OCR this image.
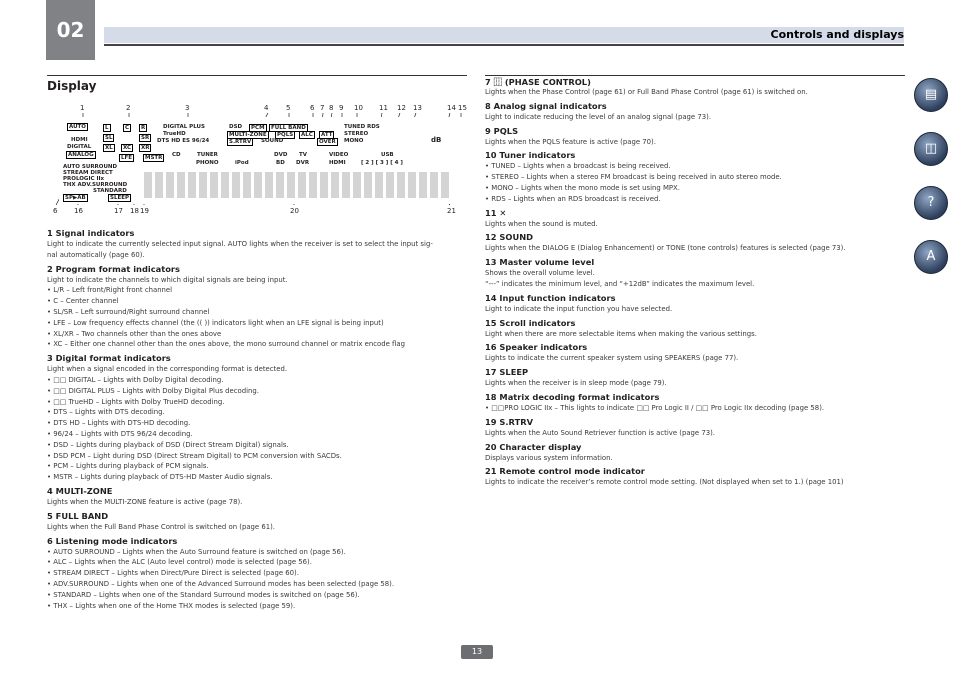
02	Controls and displays
Display
1	2	3	4	5	6 7 8 9 10 11 12 13	14 15
6 16	17 18 19	20	21
AUTO
HDMI
DIGITAL
ANALOG
L	C	R
SL	SR
XL	XC	XR
LFE	MSTR
DIGITAL PLUS
TrueHD
DTS HD ES 96/24
DSD	PCM
MULTI-ZONE
S.RTRV
FULL BAND
PQLS	ALC
SOUND
ATT
OVER
TUNED RDS
STEREO
MONO	dB
CD	TUNER
PHONO	iPod
DVD TV
BD DVR
VIDEO
HDMI
USB
[ 2 ] [ 3 ] [ 4 ]
AUTO SURROUND
STREAM DIRECT
PROLOGIC IIx
THX ADV.SURROUND
STANDARD
SP▶AB	SLEEP
1 Signal indicators
Light to indicate the currently selected input signal. AUTO lights when the receiver is set to select the input sig-
nal automatically (page 60).
2 Program format indicators
Light to indicate the channels to which digital signals are being input.
• L/R – Left front/Right front channel
• C – Center channel
• SL/SR – Left surround/Right surround channel
• LFE – Low frequency effects channel (the (( )) indicators light when an LFE signal is being input)
• XL/XR – Two channels other than the ones above
• XC – Either one channel other than the ones above, the mono surround channel or matrix encode flag
3 Digital format indicators
Light when a signal encoded in the corresponding format is detected.
• □□ DIGITAL – Lights with Dolby Digital decoding.
• □□ DIGITAL PLUS – Lights with Dolby Digital Plus decoding.
• □□ TrueHD – Lights with Dolby TrueHD decoding.
• DTS – Lights with DTS decoding.
• DTS HD – Lights with DTS-HD decoding.
• 96/24 – Lights with DTS 96/24 decoding.
• DSD – Lights during playback of DSD (Direct Stream Digital) signals.
• DSD PCM – Light during DSD (Direct Stream Digital) to PCM conversion with SACDs.
• PCM – Lights during playback of PCM signals.
• MSTR – Lights during playback of DTS-HD Master Audio signals.
4 MULTI-ZONE
Lights when the MULTI-ZONE feature is active (page 78).
5 FULL BAND
Lights when the Full Band Phase Control is switched on (page 61).
6 Listening mode indicators
• AUTO SURROUND – Lights when the Auto Surround feature is switched on (page 56).
• ALC – Lights when the ALC (Auto level control) mode is selected (page 56).
• STREAM DIRECT – Lights when Direct/Pure Direct is selected (page 60).
• ADV.SURROUND – Lights when one of the Advanced Surround modes has been selected (page 58).
• STANDARD – Lights when one of the Standard Surround modes is switched on (page 56).
• THX – Lights when one of the Home THX modes is selected (page 59).
7 ⿲ (PHASE CONTROL)
Lights when the Phase Control (page 61) or Full Band Phase Control (page 61) is switched on.
8 Analog signal indicators
Light to indicate reducing the level of an analog signal (page 73).
9 PQLS
Lights when the PQLS feature is active (page 70).
10 Tuner indicators
• TUNED – Lights when a broadcast is being received.
• STEREO – Lights when a stereo FM broadcast is being received in auto stereo mode.
• MONO – Lights when the mono mode is set using MPX.
• RDS – Lights when an RDS broadcast is received.
11 ✕
Lights when the sound is muted.
12 SOUND
Lights when the DIALOG E (Dialog Enhancement) or TONE (tone controls) features is selected (page 73).
13 Master volume level
Shows the overall volume level.
“---” indicates the minimum level, and “+12dB” indicates the maximum level.
14 Input function indicators
Light to indicate the input function you have selected.
15 Scroll indicators
Light when there are more selectable items when making the various settings.
16 Speaker indicators
Lights to indicate the current speaker system using SPEAKERS (page 77).
17 SLEEP
Lights when the receiver is in sleep mode (page 79).
18 Matrix decoding format indicators
• □□PRO LOGIC IIx – This lights to indicate □□ Pro Logic II / □□ Pro Logic IIx decoding (page 58).
19 S.RTRV
Lights when the Auto Sound Retriever function is active (page 73).
20 Character display
Displays various system information.
21 Remote control mode indicator
Lights to indicate the receiver’s remote control mode setting. (Not displayed when set to 1.) (page 101)
▤
◫
?
A
13
